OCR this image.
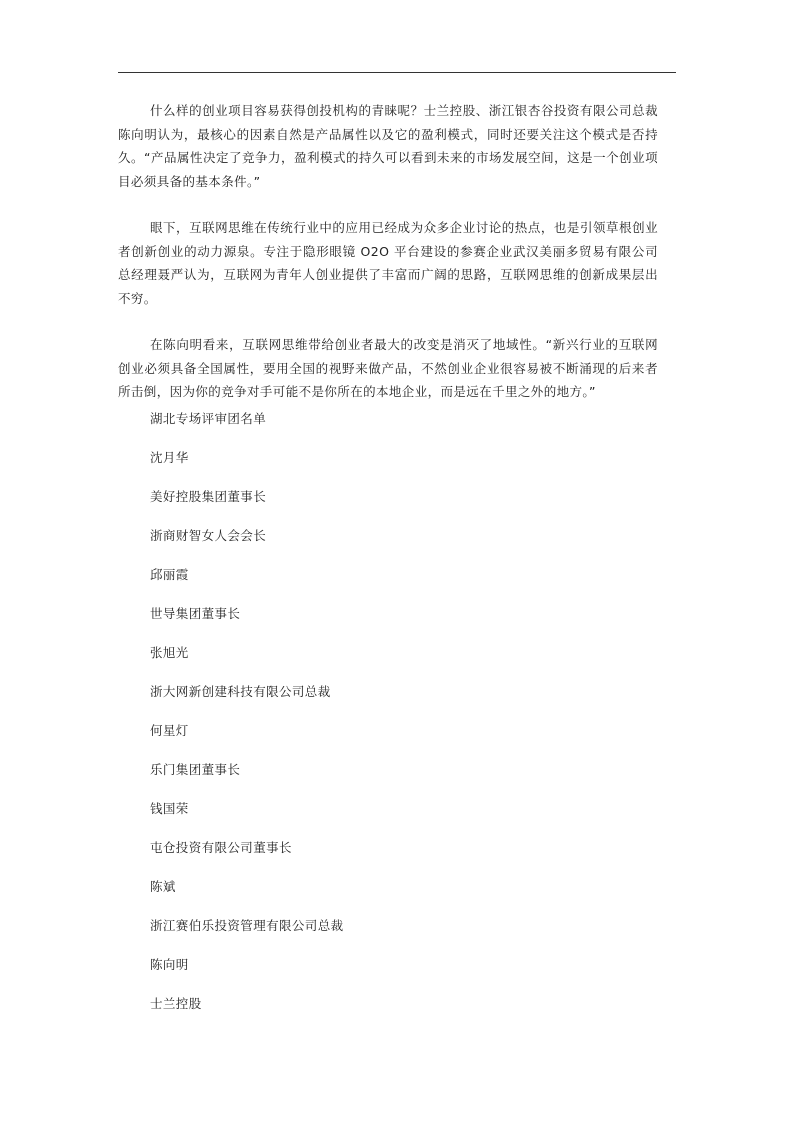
什么样的创业项目容易获得创投机构的青睐呢？士兰控股、浙江银杏谷投资有限公司总裁陈向明认为，最核心的因素自然是产品属性以及它的盈利模式，同时还要关注这个模式是否持久。“产品属性决定了竞争力，盈利模式的持久可以看到未来的市场发展空间，这是一个创业项目必须具备的基本条件。”

眼下，互联网思维在传统行业中的应用已经成为众多企业讨论的热点，也是引领草根创业者创新创业的动力源泉。专注于隐形眼镜 O2O 平台建设的参赛企业武汉美丽多贸易有限公司总经理聂严认为，互联网为青年人创业提供了丰富而广阔的思路，互联网思维的创新成果层出不穷。

在陈向明看来，互联网思维带给创业者最大的改变是消灭了地域性。“新兴行业的互联网创业必须具备全国属性，要用全国的视野来做产品，不然创业企业很容易被不断涌现的后来者所击倒，因为你的竞争对手可能不是你所在的本地企业，而是远在千里之外的地方。”

湖北专场评审团名单
沈月华
美好控股集团董事长
浙商财智女人会会长
邱丽霞
世导集团董事长
张旭光
浙大网新创建科技有限公司总裁
何星灯
乐门集团董事长
钱国荣
屯仓投资有限公司董事长
陈斌
浙江赛伯乐投资管理有限公司总裁
陈向明
士兰控股
